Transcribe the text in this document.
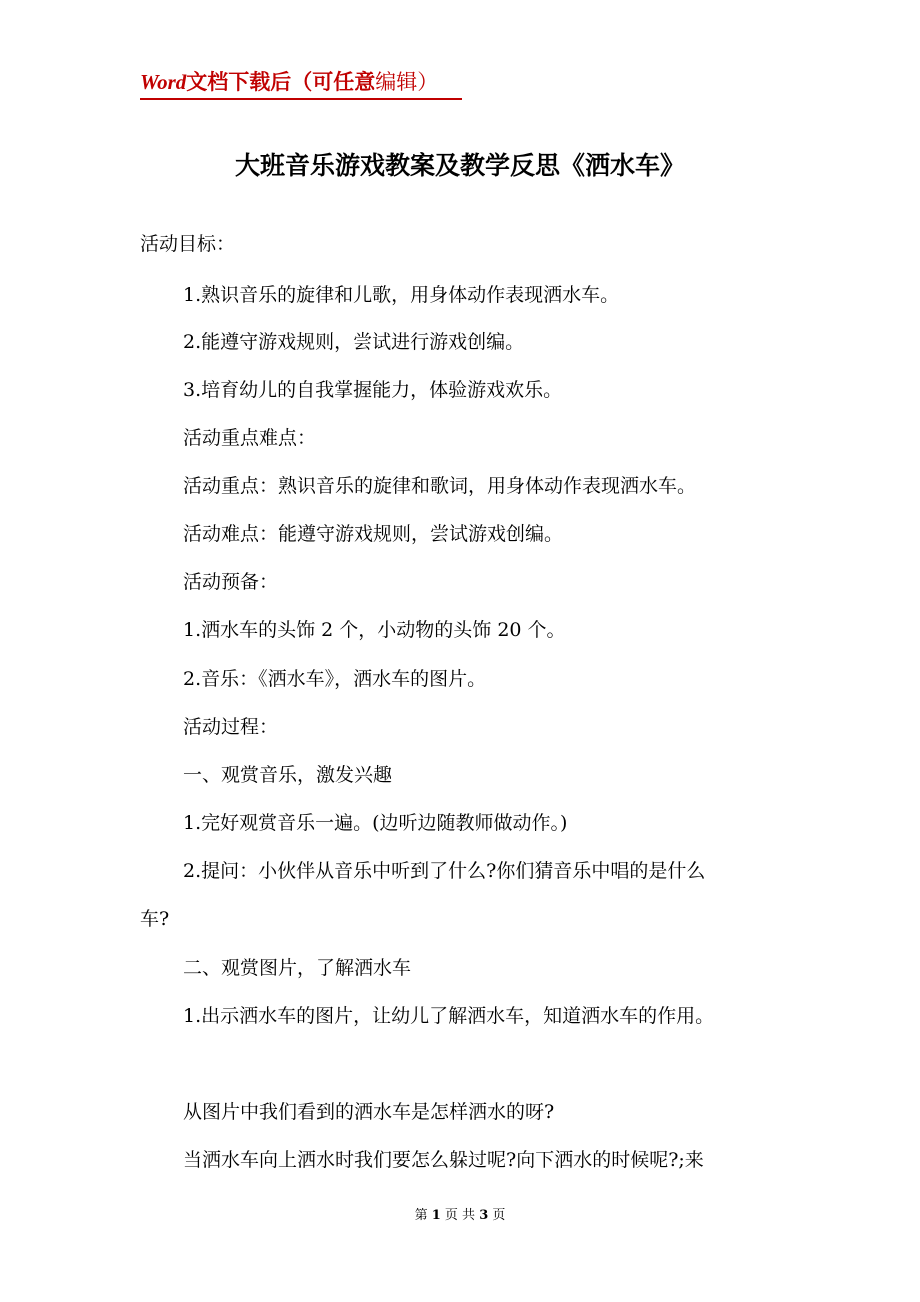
Word文档下载后（可任意编辑）
大班音乐游戏教案及教学反思《洒水车》
活动目标：
1.熟识音乐的旋律和儿歌，用身体动作表现洒水车。
2.能遵守游戏规则，尝试进行游戏创编。
3.培育幼儿的自我掌握能力，体验游戏欢乐。
活动重点难点：
活动重点：熟识音乐的旋律和歌词，用身体动作表现洒水车。
活动难点：能遵守游戏规则，尝试游戏创编。
活动预备：
1.洒水车的头饰 2 个，小动物的头饰 20 个。
2.音乐：《洒水车》，洒水车的图片。
活动过程：
一、观赏音乐，激发兴趣
1.完好观赏音乐一遍。(边听边随教师做动作。)
2.提问：小伙伴从音乐中听到了什么?你们猜音乐中唱的是什么
车?
二、观赏图片，了解洒水车
1.出示洒水车的图片，让幼儿了解洒水车，知道洒水车的作用。
从图片中我们看到的洒水车是怎样洒水的呀?
当洒水车向上洒水时我们要怎么躲过呢?向下洒水的时候呢?;来
第 1 页 共 3 页
